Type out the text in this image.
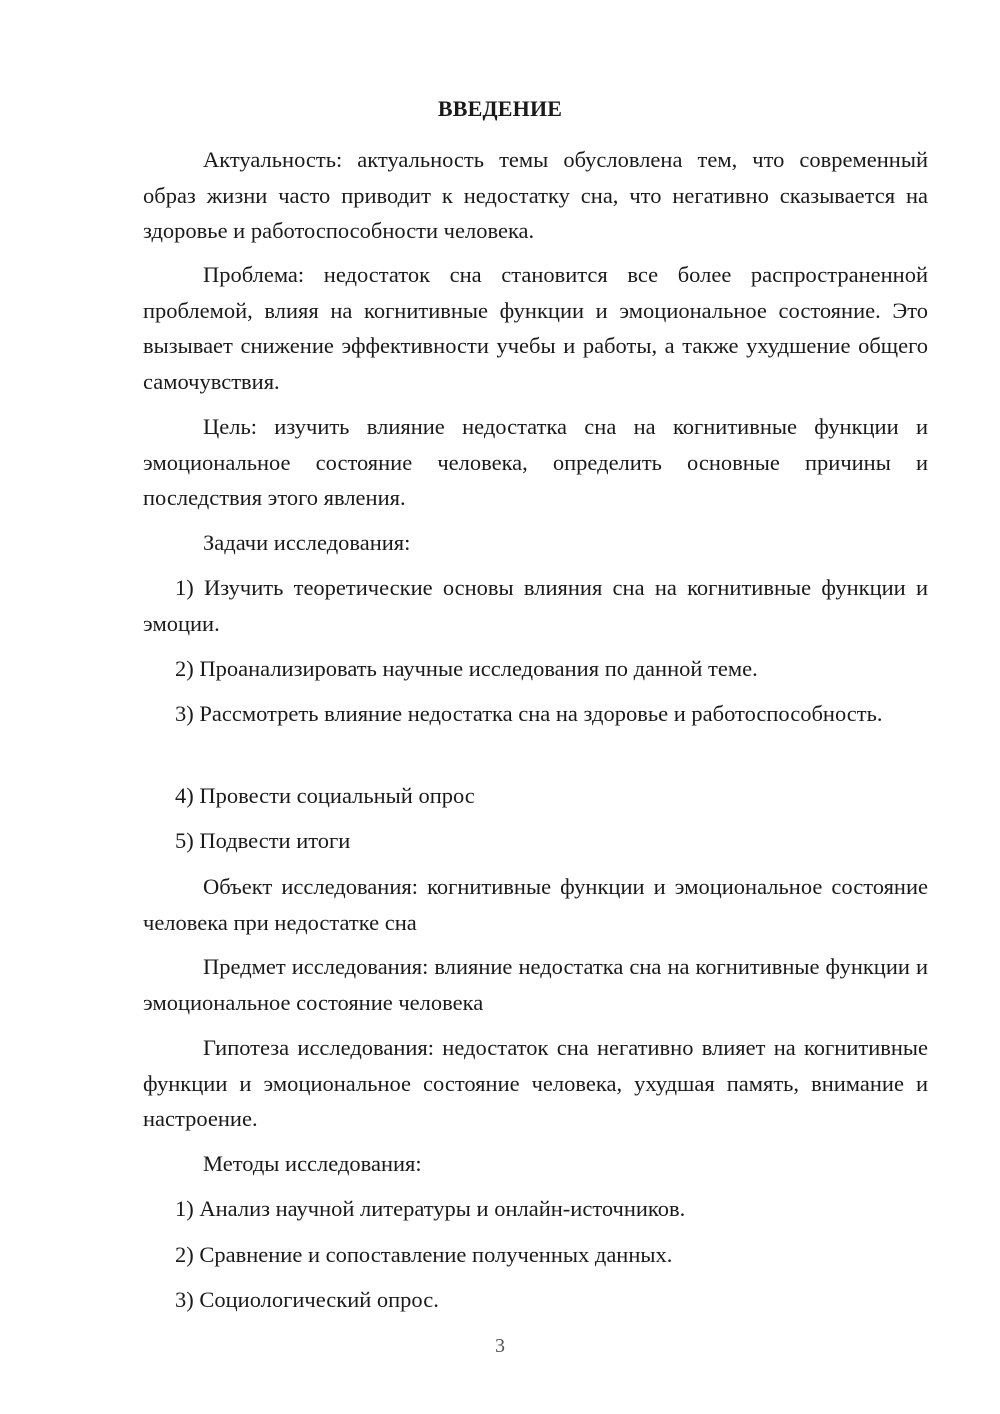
ВВЕДЕНИЕ

Актуальность: актуальность темы обусловлена тем, что современный образ жизни часто приводит к недостатку сна, что негативно сказывается на здоровье и работоспособности человека.

Проблема: недостаток сна становится все более распространенной проблемой, влияя на когнитивные функции и эмоциональное состояние. Это вызывает снижение эффективности учебы и работы, а также ухудшение общего самочувствия.

Цель: изучить влияние недостатка сна на когнитивные функции и эмоциональное состояние человека, определить основные причины и последствия этого явления.

Задачи исследования:

1) Изучить теоретические основы влияния сна на когнитивные функции и эмоции.

2) Проанализировать научные исследования по данной теме.

3) Рассмотреть влияние недостатка сна на здоровье и работоспособность.

4) Провести социальный опрос

5) Подвести итоги

Объект исследования: когнитивные функции и эмоциональное состояние человека при недостатке сна

Предмет исследования: влияние недостатка сна на когнитивные функции и эмоциональное состояние человека

Гипотеза исследования: недостаток сна негативно влияет на когнитивные функции и эмоциональное состояние человека, ухудшая память, внимание и настроение.

Методы исследования:

1) Анализ научной литературы и онлайн-источников.

2) Сравнение и сопоставление полученных данных.

3) Социологический опрос.

3
